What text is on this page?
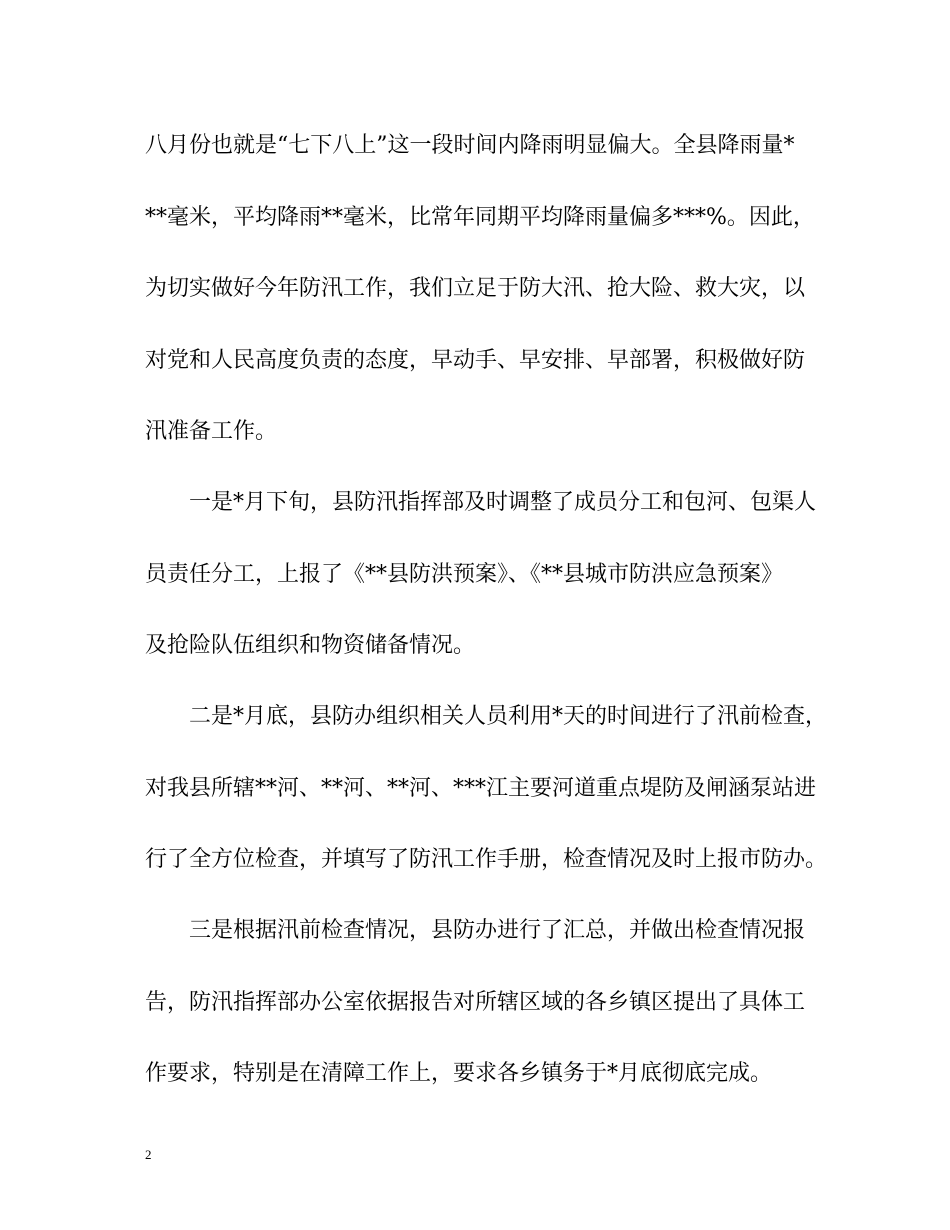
八月份也就是“七下八上”这一段时间内降雨明显偏大。全县降雨量*
**毫米，平均降雨**毫米，比常年同期平均降雨量偏多***%。因此，
为切实做好今年防汛工作，我们立足于防大汛、抢大险、救大灾，以
对党和人民高度负责的态度，早动手、早安排、早部署，积极做好防
汛准备工作。
一是*月下旬，县防汛指挥部及时调整了成员分工和包河、包渠人
员责任分工，上报了《**县防洪预案》、《**县城市防洪应急预案》
及抢险队伍组织和物资储备情况。
二是*月底，县防办组织相关人员利用*天的时间进行了汛前检查，
对我县所辖**河、**河、**河、***江主要河道重点堤防及闸涵泵站进
行了全方位检查，并填写了防汛工作手册，检查情况及时上报市防办。
三是根据汛前检查情况，县防办进行了汇总，并做出检查情况报
告，防汛指挥部办公室依据报告对所辖区域的各乡镇区提出了具体工
作要求，特别是在清障工作上，要求各乡镇务于*月底彻底完成。
2
